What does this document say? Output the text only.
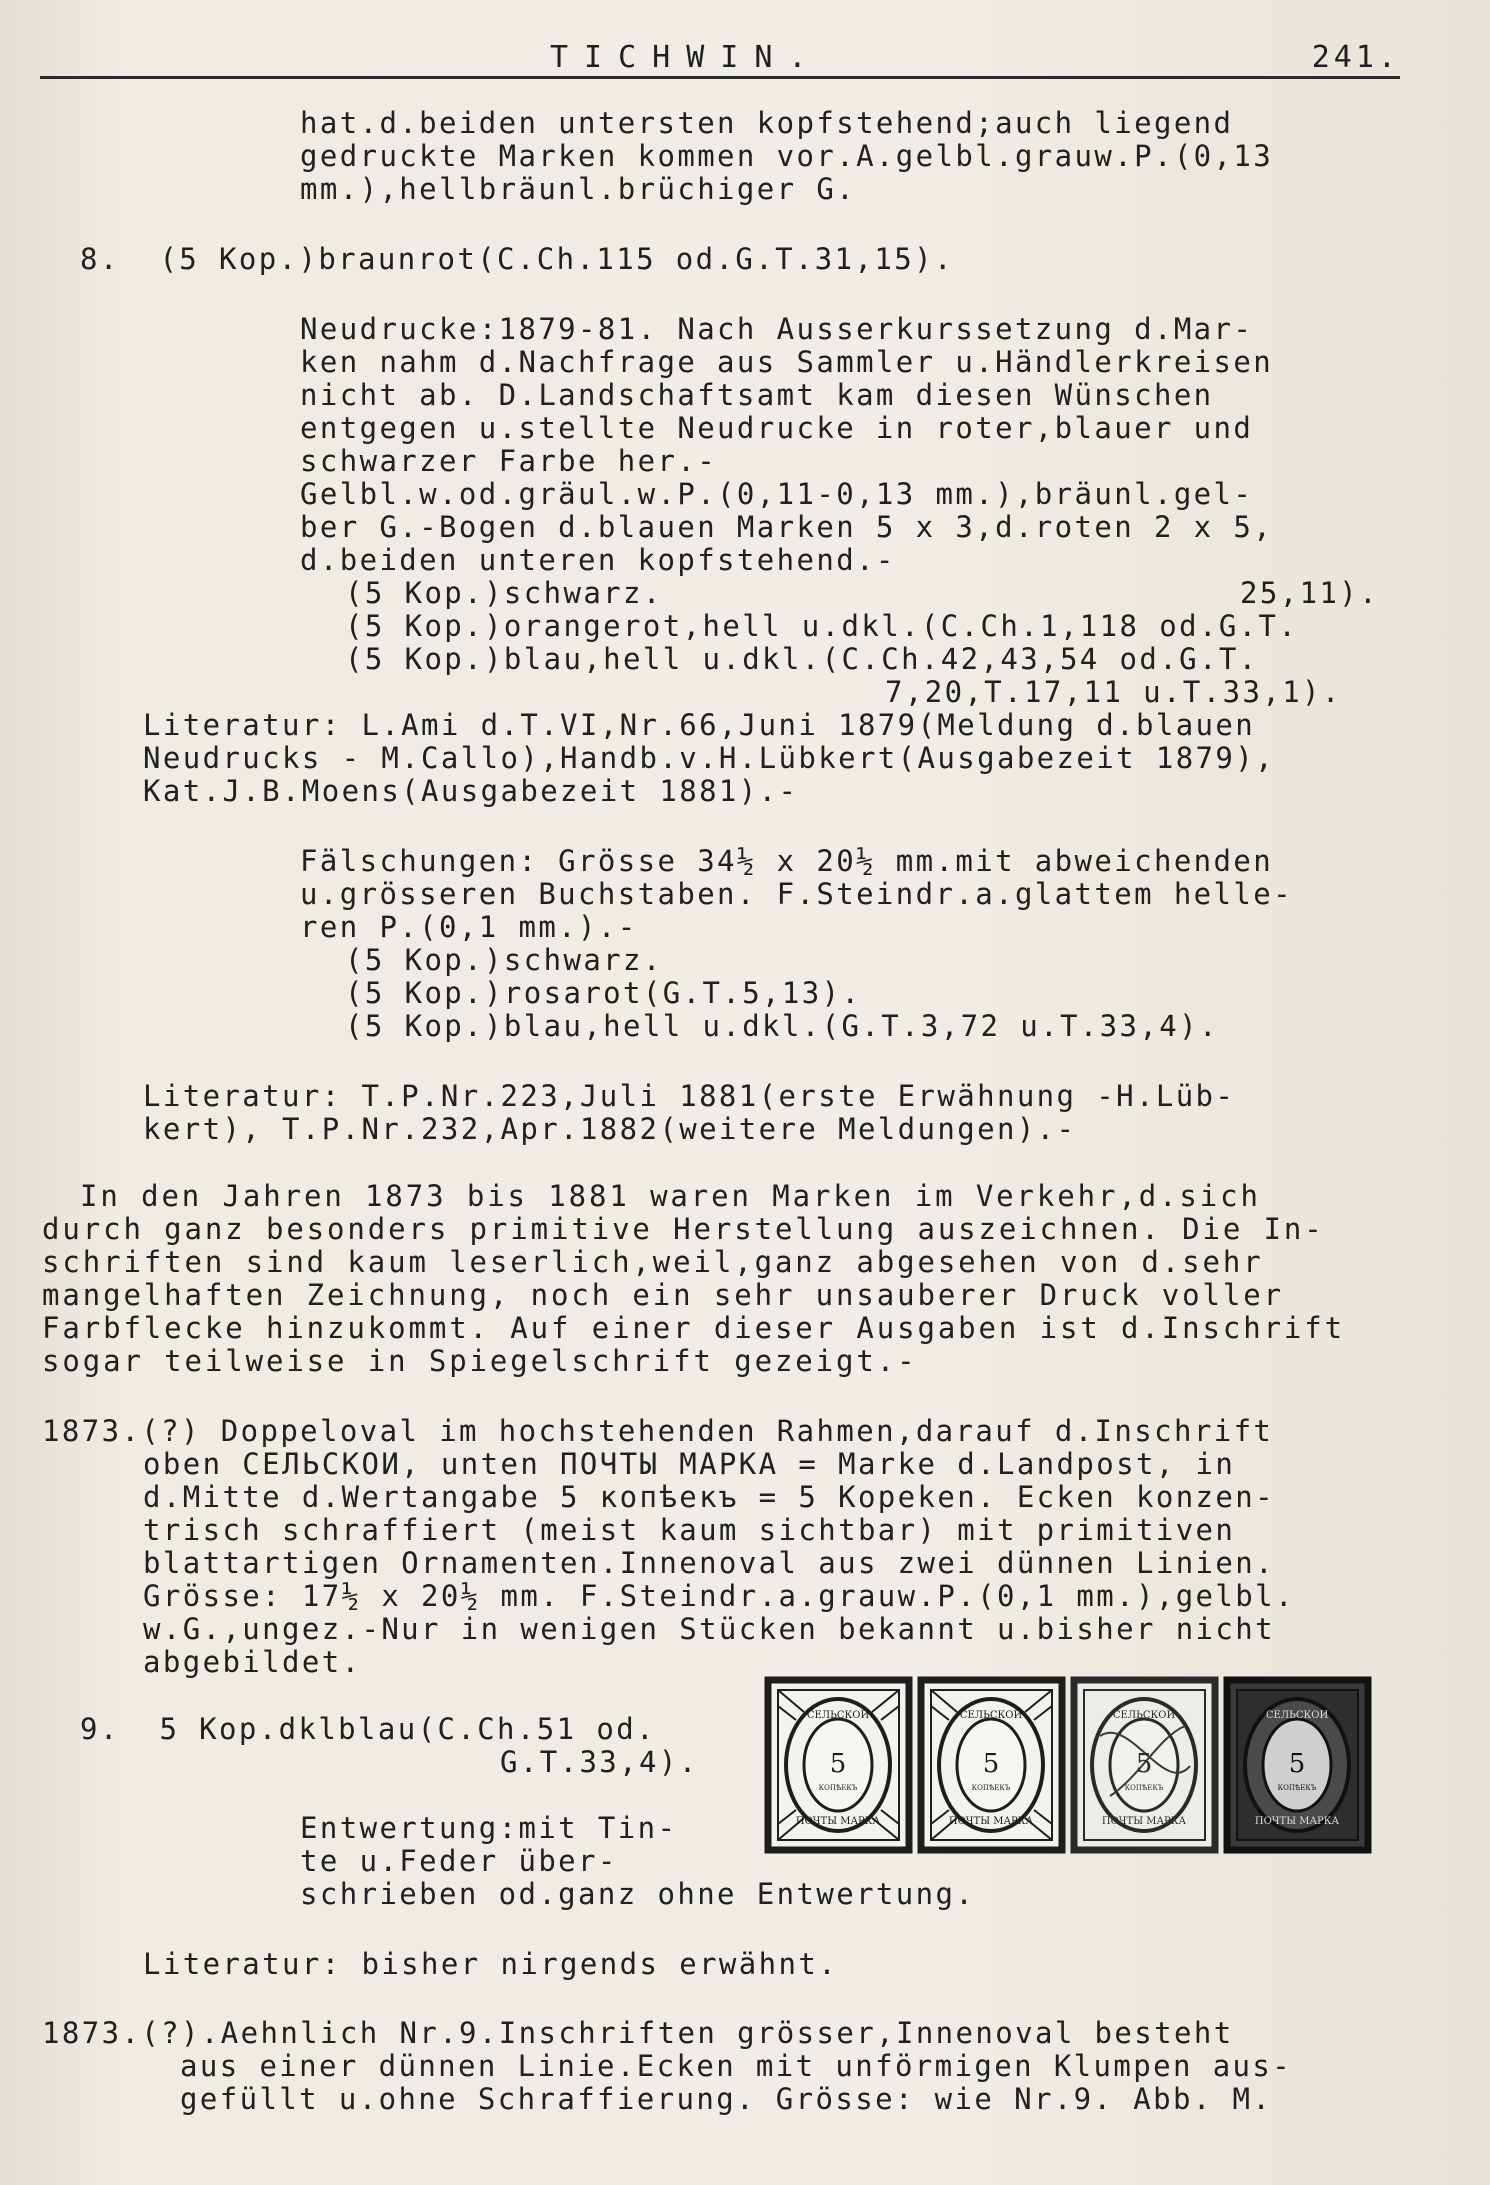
TICHWIN.	241.
hat.d.beiden untersten kopfstehend;auch liegend
gedruckte Marken kommen vor.A.gelbl.grauw.P.(0,13
mm.),hellbräunl.brüchiger G.
8.  (5 Kop.)braunrot(C.Ch.115 od.G.T.31,15).
Neudrucke:1879-81. Nach Ausserkurssetzung d.Mar-
ken nahm d.Nachfrage aus Sammler u.Händlerkreisen
nicht ab. D.Landschaftsamt kam diesen Wünschen
entgegen u.stellte Neudrucke in roter,blauer und
schwarzer Farbe her.-
Gelbl.w.od.gräul.w.P.(0,11-0,13 mm.),bräunl.gel-
ber G.-Bogen d.blauen Marken 5 x 3,d.roten 2 x 5,
d.beiden unteren kopfstehend.-
(5 Kop.)schwarz.	25,11).
(5 Kop.)orangerot,hell u.dkl.(C.Ch.1,118 od.G.T.
(5 Kop.)blau,hell u.dkl.(C.Ch.42,43,54 od.G.T.
7,20,T.17,11 u.T.33,1).
Literatur: L.Ami d.T.VI,Nr.66,Juni 1879(Meldung d.blauen
Neudrucks - M.Callo),Handb.v.H.Lübkert(Ausgabezeit 1879),
Kat.J.B.Moens(Ausgabezeit 1881).-
Fälschungen: Grösse 34½ x 20½ mm.mit abweichenden
u.grösseren Buchstaben. F.Steindr.a.glattem helle-
ren P.(0,1 mm.).-
(5 Kop.)schwarz.
(5 Kop.)rosarot(G.T.5,13).
(5 Kop.)blau,hell u.dkl.(G.T.3,72 u.T.33,4).
Literatur: T.P.Nr.223,Juli 1881(erste Erwähnung -H.Lüb-
kert), T.P.Nr.232,Apr.1882(weitere Meldungen).-
In den Jahren 1873 bis 1881 waren Marken im Verkehr,d.sich
durch ganz besonders primitive Herstellung auszeichnen. Die In-
schriften sind kaum leserlich,weil,ganz abgesehen von d.sehr
mangelhaften Zeichnung, noch ein sehr unsauberer Druck voller
Farbflecke hinzukommt. Auf einer dieser Ausgaben ist d.Inschrift
sogar teilweise in Spiegelschrift gezeigt.-
1873.(?) Doppeloval im hochstehenden Rahmen,darauf d.Inschrift
oben СЕЛЬСКОИ, unten ПОЧТЫ МАРКА = Marke d.Landpost, in
d.Mitte d.Wertangabe 5 копѣекъ = 5 Kopeken. Ecken konzen-
trisch schraffiert (meist kaum sichtbar) mit primitiven
blattartigen Ornamenten.Innenoval aus zwei dünnen Linien.
Grösse: 17½ x 20½ mm. F.Steindr.a.grauw.P.(0,1 mm.),gelbl.
w.G.,ungez.-Nur in wenigen Stücken bekannt u.bisher nicht
abgebildet.
9.  5 Kop.dklblau(C.Ch.51 od.
G.T.33,4).
Entwertung:mit Tin-
te u.Feder über-
schrieben od.ganz ohne Entwertung.
Literatur: bisher nirgends erwähnt.
1873.(?).Aehnlich Nr.9.Inschriften grösser,Innenoval besteht
aus einer dünnen Linie.Ecken mit unförmigen Klumpen aus-
gefüllt u.ohne Schraffierung. Grösse: wie Nr.9. Abb. M.
СЕЛЬСКОИ
ПОЧТЫ МАРКА
5
КОПѢЕКЪ
СЕЛЬСКОИ
ПОЧТЫ МАРКА
5
КОПѢЕКЪ
СЕЛЬСКОИ
ПОЧТЫ МАРКА
5
КОПѢЕКЪ
СЕЛЬСКОИ
ПОЧТЫ МАРКА
5
КОПѢЕКЪ
